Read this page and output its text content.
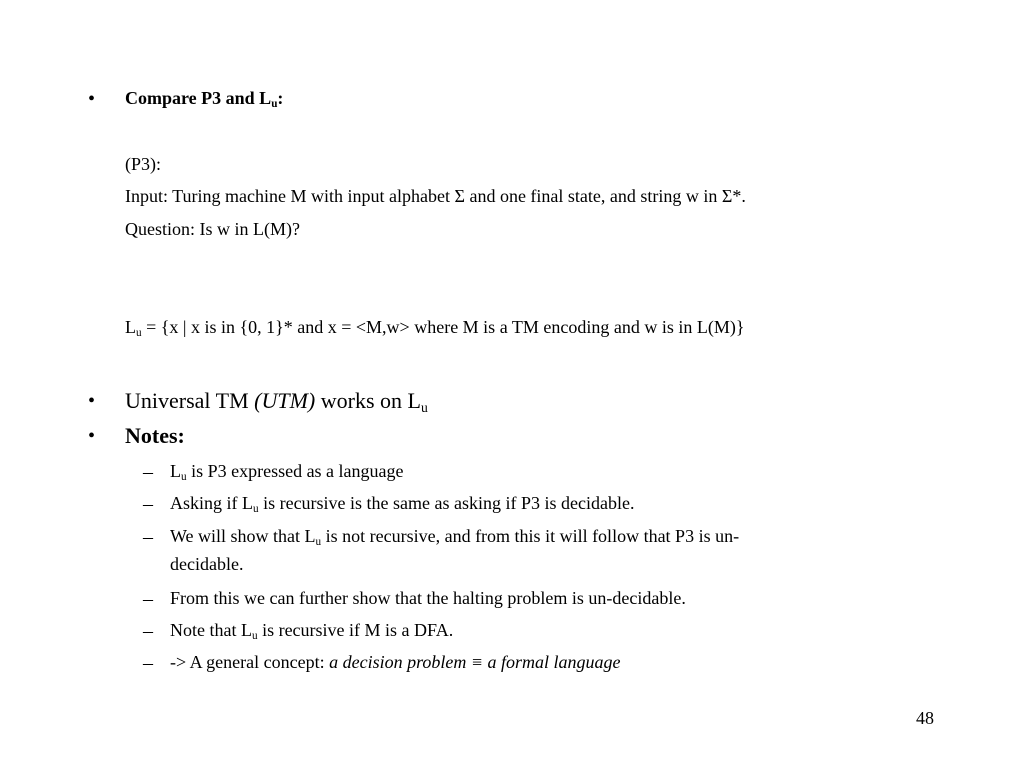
• Compare P3 and $L_u$:
(P3):
Input: Turing machine M with input alphabet Σ and one final state, and string w in Σ*.
Question: Is w in L(M)?
$L_u = \{x$ | x is in {0, 1}* and x = <M,w> where M is a TM encoding and w is in L(M)}
• Universal TM (UTM) works on $L_u$
• Notes:
– $L_u$ is P3 expressed as a language
– Asking if $L_u$ is recursive is the same as asking if P3 is decidable.
– We will show that $L_u$ is not recursive, and from this it will follow that P3 is un-
decidable.
– From this we can further show that the halting problem is un-decidable.
– Note that $L_u$ is recursive if M is a DFA.
– -> A general concept: a decision problem ≡ a formal language
48
